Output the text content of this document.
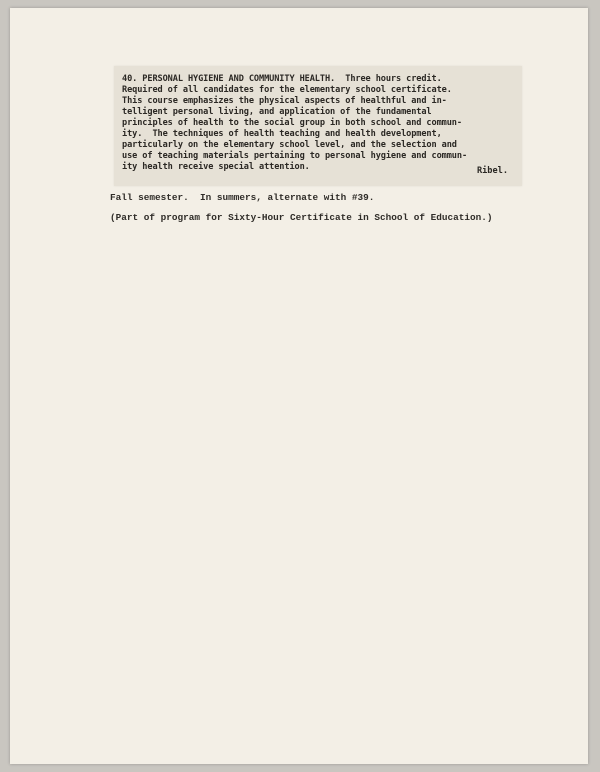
40. PERSONAL HYGIENE AND COMMUNITY HEALTH.  Three hours credit.
Required of all candidates for the elementary school certificate.
This course emphasizes the physical aspects of healthful and in-
telligent personal living, and application of the fundamental
principles of health to the social group in both school and commun-
ity.  The techniques of health teaching and health development,
particularly on the elementary school level, and the selection and
use of teaching materials pertaining to personal hygiene and commun-
ity health receive special attention.	Ribel.
Fall semester.  In summers, alternate with #39.
(Part of program for Sixty-Hour Certificate in School of Education.)
